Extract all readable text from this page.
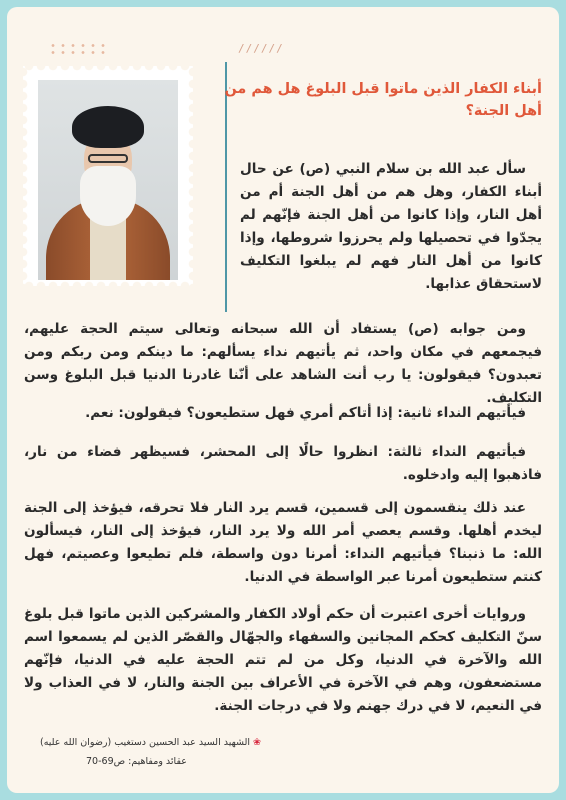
//////
أبناء الكفار الذين ماتوا قبل البلوغ هل هم من أهل الجنة؟
سأل عبد الله بن سلام النبي (ص) عن حال أبناء الكفار، وهل هم من أهل الجنة أم من أهل النار، وإذا كانوا من أهل الجنة فإنّهم لم يجدّوا في تحصيلها ولم يحرزوا شروطها، وإذا كانوا من أهل النار فهم لم يبلغوا التكليف لاستحقاق عذابها.
ومن جوابه (ص) يستفاد أن الله سبحانه وتعالى سيتم الحجة عليهم، فيجمعهم في مكان واحد، ثم يأتيهم نداء يسألهم: ما دينكم ومن ربكم ومن تعبدون؟ فيقولون: يا رب أنت الشاهد على أنّنا غادرنا الدنيا قبل البلوغ وسن التكليف.
فيأتيهم النداء ثانية: إذا أتاكم أمري فهل ستطيعون؟ فيقولون: نعم.
فيأتيهم النداء ثالثة: انظروا حالًا إلى المحشر، فسيظهر فضاء من نار، فاذهبوا إليه وادخلوه.
عند ذلك ينقسمون إلى قسمين، قسم يرد النار فلا تحرقه، فيؤخذ إلى الجنة ليخدم أهلها. وقسم يعصي أمر الله ولا يرد النار، فيؤخذ إلى النار، فيسألون الله: ما ذنبنا؟ فيأتيهم النداء: أمرنا دون واسطة، فلم تطيعوا وعصيتم، فهل كنتم ستطيعون أمرنا عبر الواسطة في الدنيا.
وروايات أخرى اعتبرت أن حكم أولاد الكفار والمشركين الذين ماتوا قبل بلوغ سنّ التكليف كحكم المجانين والسفهاء والجهّال والقصّر الذين لم يسمعوا اسم الله والآخرة في الدنيا، وكل من لم تتم الحجة عليه في الدنيا، فإنّهم مستضعفون، وهم في الآخرة في الأعراف بين الجنة والنار، لا في العذاب ولا في النعيم، لا في درك جهنم ولا في درجات الجنة.
❀ الشهيد السيد عبد الحسين دستغيب (رضوان الله عليه)
عقائد ومفاهيم: ص69-70
